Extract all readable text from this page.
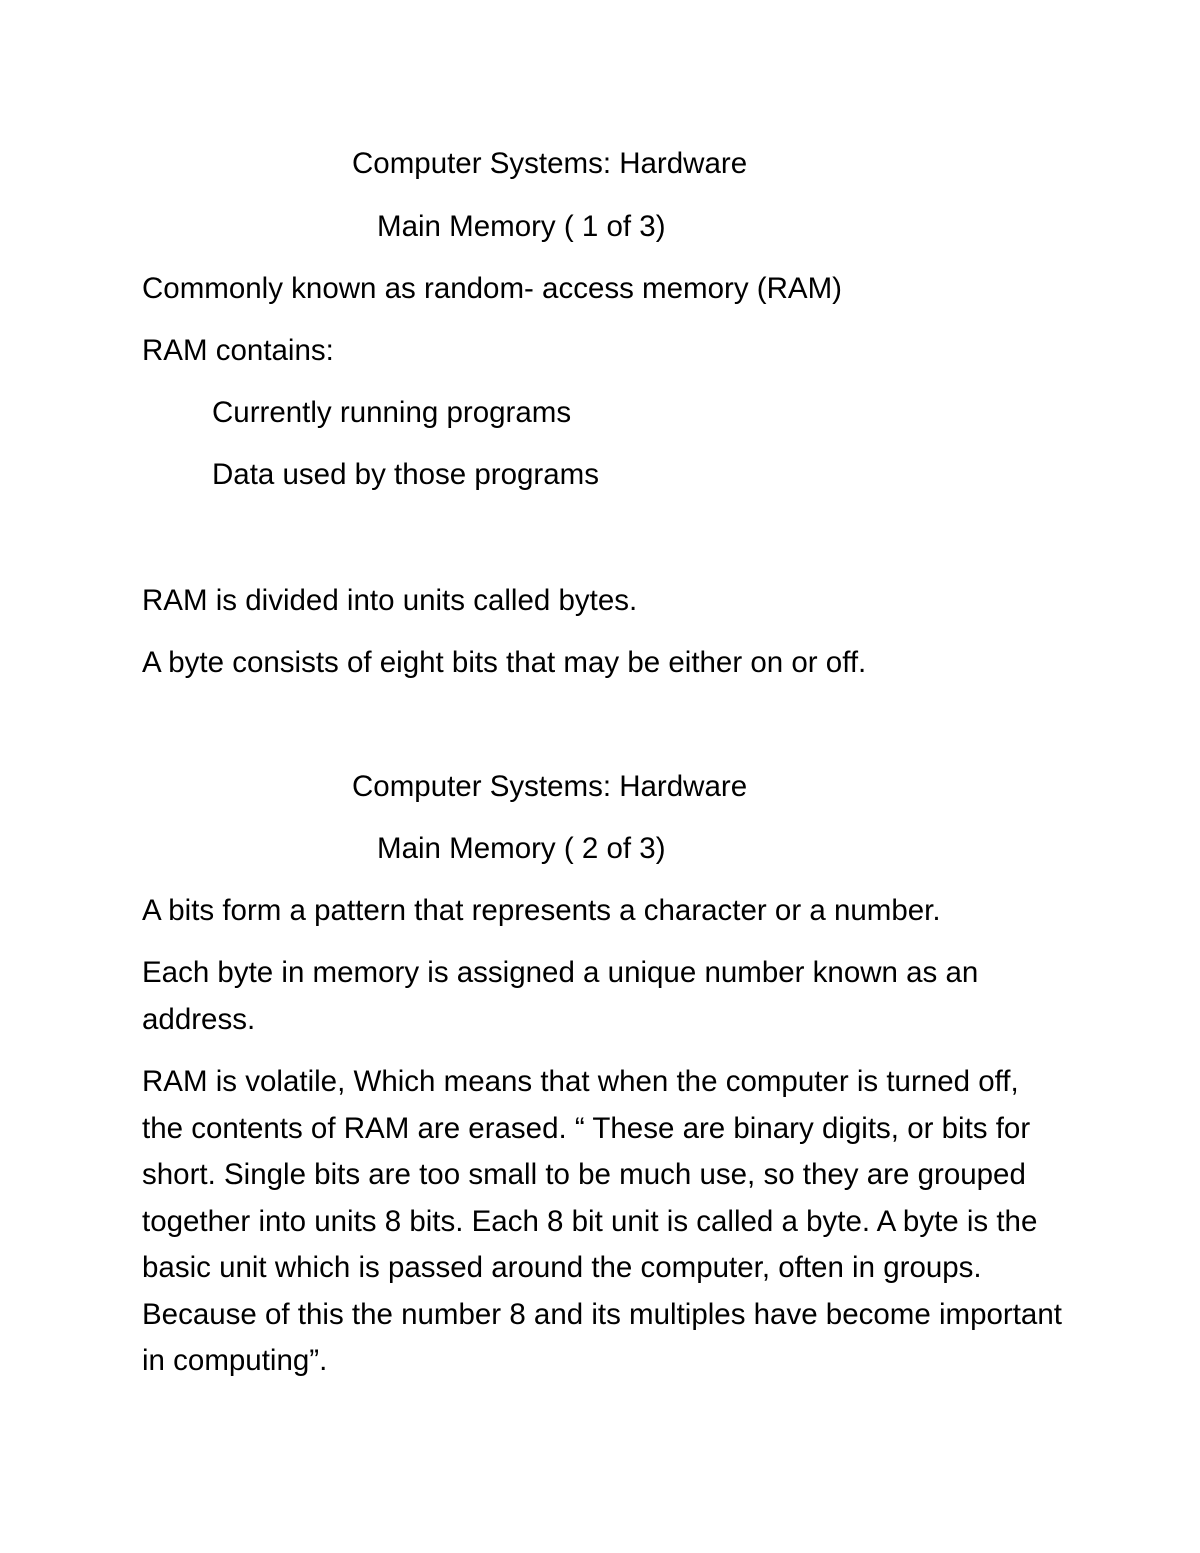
Computer Systems: Hardware
Main Memory ( 1 of 3)
Commonly known as random- access memory (RAM)
RAM contains:
Currently running programs
Data used by those programs
RAM is divided into units called bytes.
A byte consists of eight bits that may be either on or off.
Computer Systems: Hardware
Main Memory ( 2 of 3)
A bits form a pattern that represents a character or a number.
Each byte in memory is assigned a unique number known as an address.
RAM is volatile, Which means that when the computer is turned off, the contents of RAM are erased. “ These are binary digits, or bits for short. Single bits are too small to be much use, so they are grouped together into units 8 bits. Each 8 bit unit is called a byte. A byte is the basic unit which is passed around the computer, often in groups. Because of this the number 8 and its multiples have become important in computing”.
